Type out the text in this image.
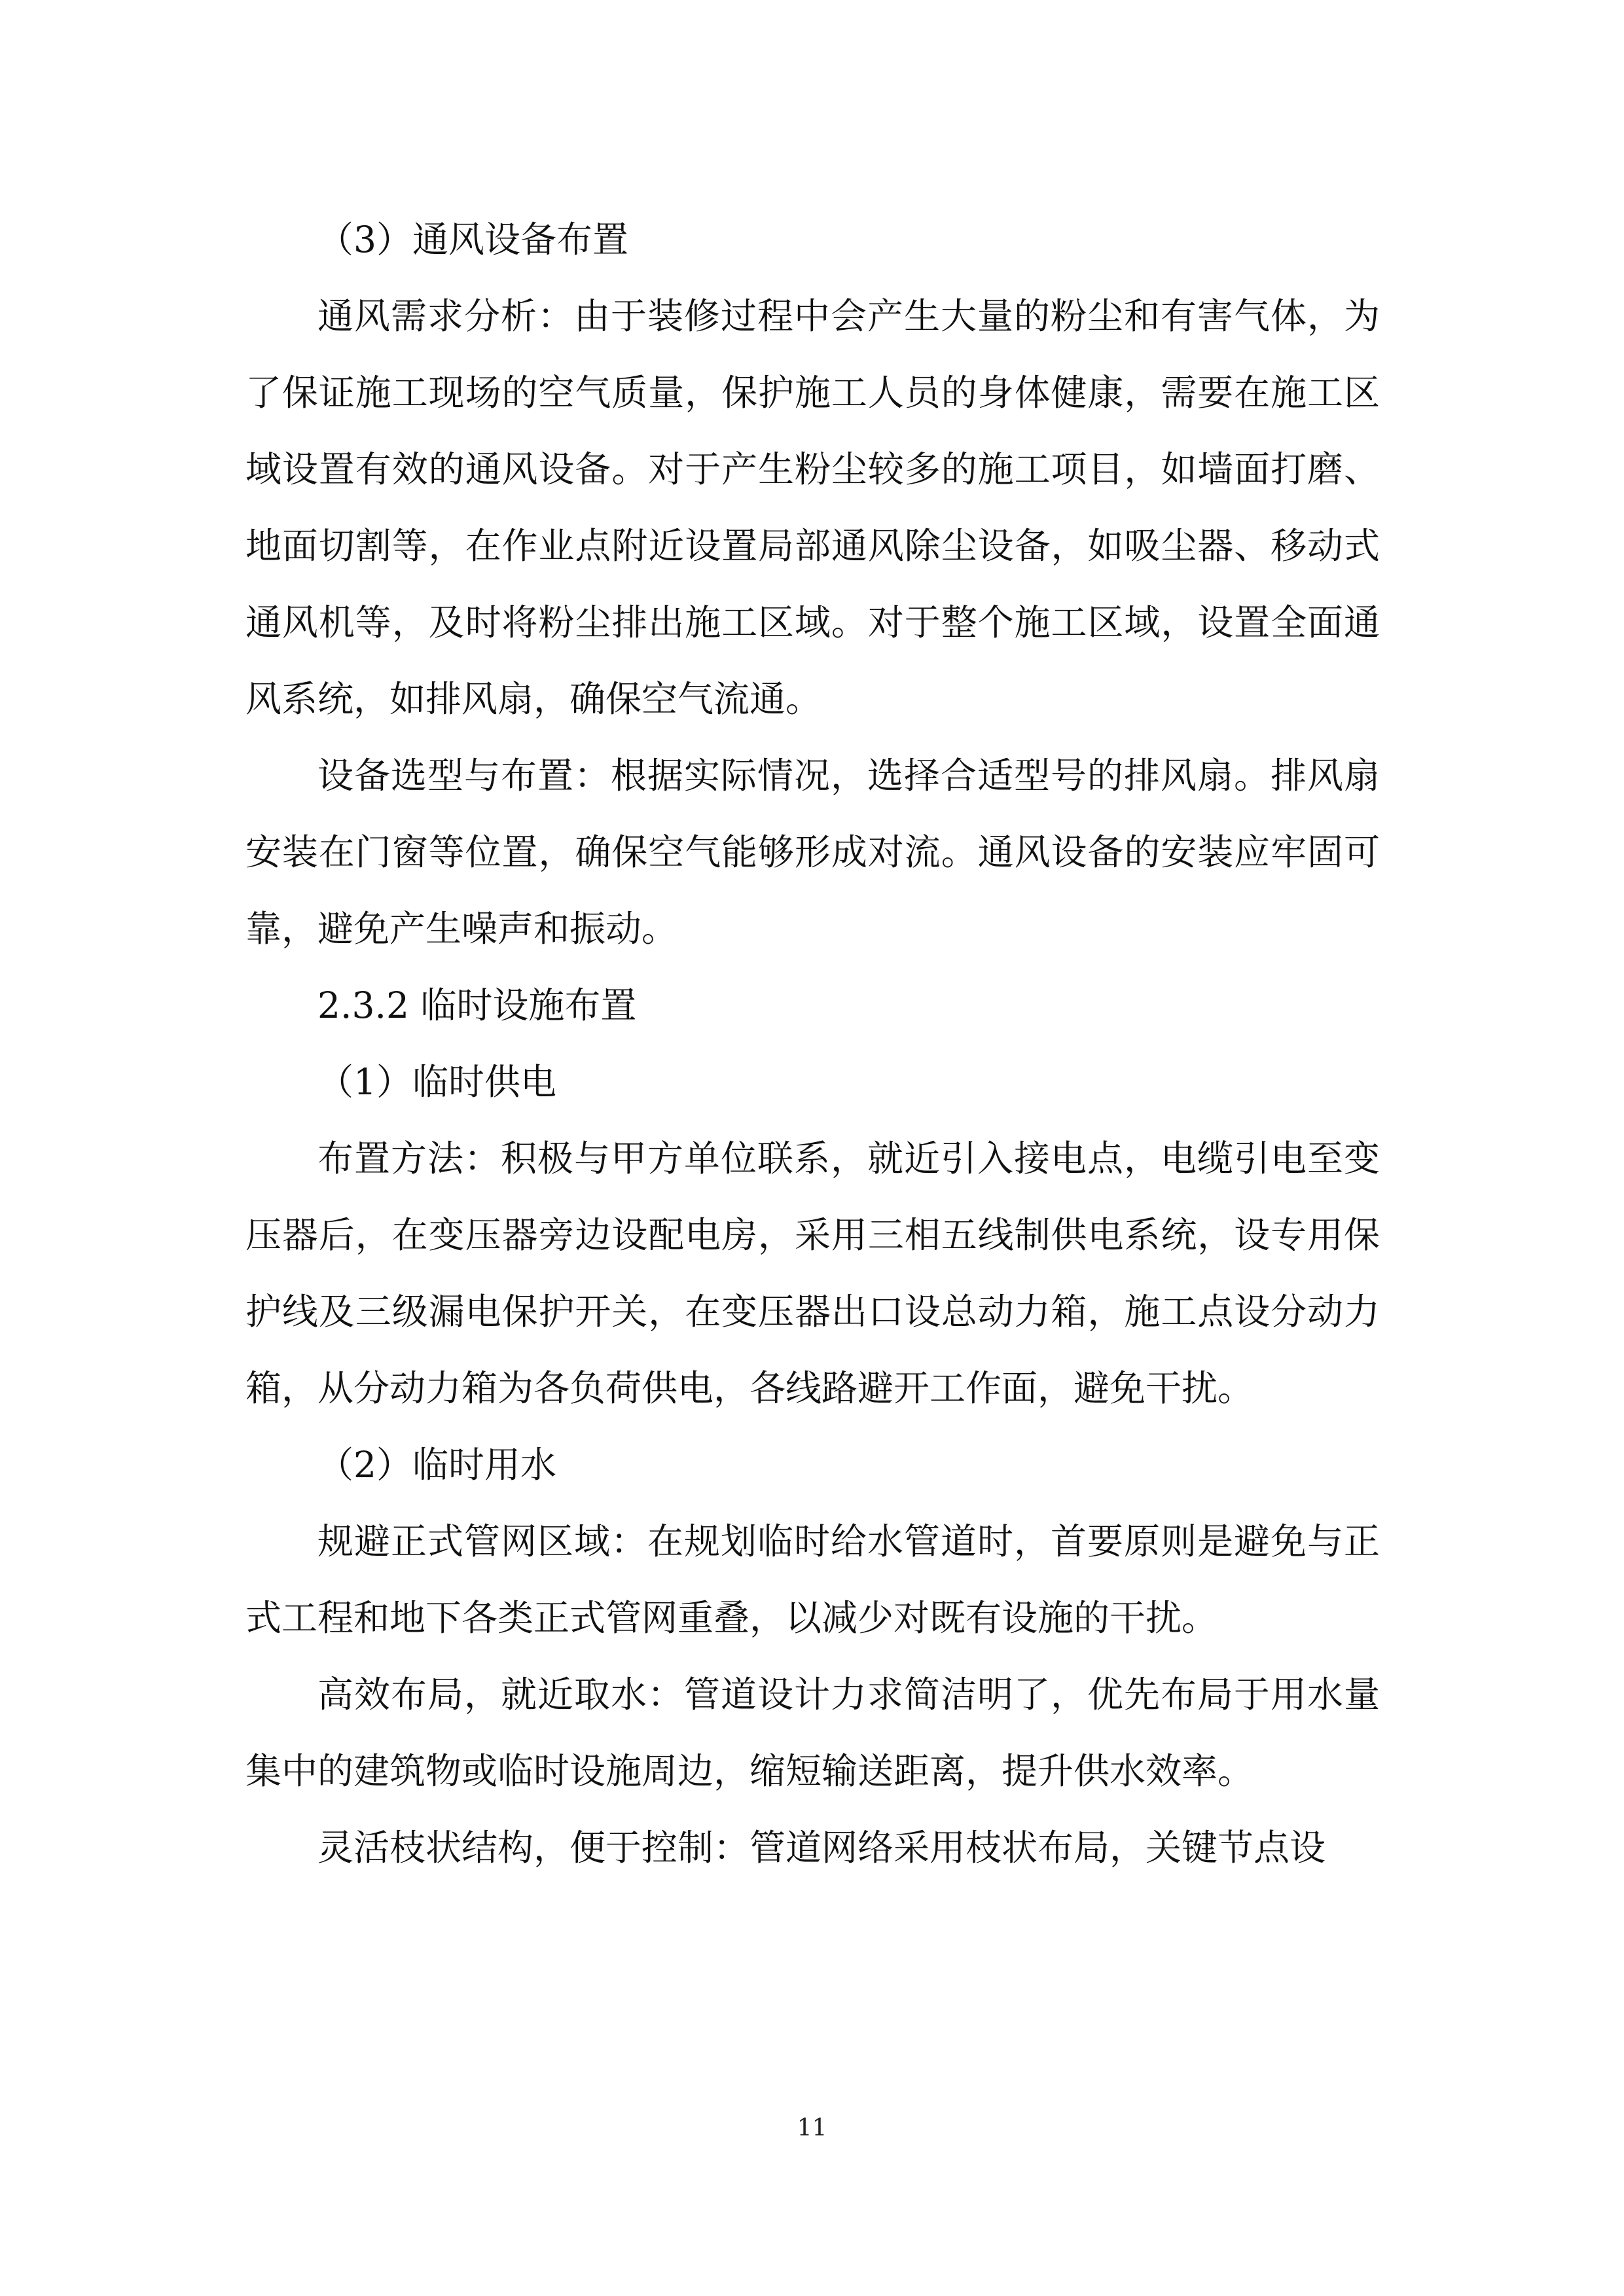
（3）通风设备布置

通风需求分析：由于装修过程中会产生大量的粉尘和有害气体，为了保证施工现场的空气质量，保护施工人员的身体健康，需要在施工区域设置有效的通风设备。对于产生粉尘较多的施工项目，如墙面打磨、地面切割等，在作业点附近设置局部通风除尘设备，如吸尘器、移动式通风机等，及时将粉尘排出施工区域。对于整个施工区域，设置全面通风系统，如排风扇，确保空气流通。

设备选型与布置：根据实际情况，选择合适型号的排风扇。排风扇安装在门窗等位置，确保空气能够形成对流。通风设备的安装应牢固可靠，避免产生噪声和振动。

2.3.2 临时设施布置

（1）临时供电

布置方法：积极与甲方单位联系，就近引入接电点，电缆引电至变压器后，在变压器旁边设配电房，采用三相五线制供电系统，设专用保护线及三级漏电保护开关，在变压器出口设总动力箱，施工点设分动力箱，从分动力箱为各负荷供电，各线路避开工作面，避免干扰。

（2）临时用水

规避正式管网区域：在规划临时给水管道时，首要原则是避免与正式工程和地下各类正式管网重叠，以减少对既有设施的干扰。

高效布局，就近取水：管道设计力求简洁明了，优先布局于用水量集中的建筑物或临时设施周边，缩短输送距离，提升供水效率。

灵活枝状结构，便于控制：管道网络采用枝状布局，关键节点设

11
